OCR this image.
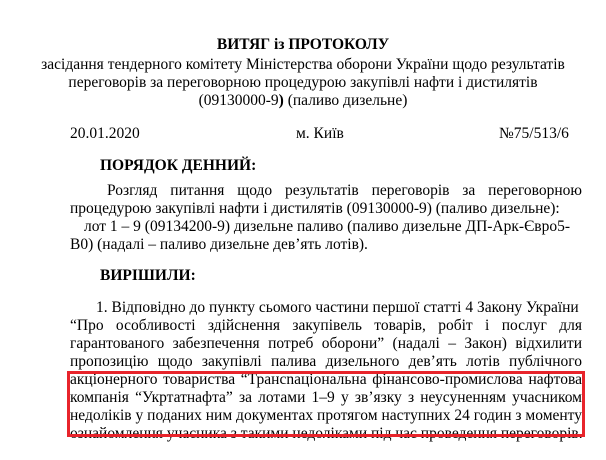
ВИТЯГ із ПРОТОКОЛУ
засідання тендерного комітету Міністерства оборони України щодо результатів
переговорів за переговорною процедурою закупівлі нафти і дистилятів
(09130000-9) (паливо дизельне)
20.01.2020	м. Київ	№75/513/6
ПОРЯДОК ДЕННИЙ:
Розгляд питання щодо результатів переговорів за переговорною
процедурою закупівлі нафти і дистилятів (09130000-9) (паливо дизельне):
лот 1 – 9 (09134200-9) дизельне паливо (паливо дизельне ДП-Арк-Євро5-
В0) (надалі – паливо дизельне дев’ять лотів).
ВИРІШИЛИ:
1. Відповідно до пункту сьомого частини першої статті 4 Закону України
“Про особливості здійснення закупівель товарів, робіт і послуг для
гарантованого забезпечення потреб оборони” (надалі – Закон) відхилити
пропозицію щодо закупівлі палива дизельного дев’ять лотів публічного
акціонерного товариства “Трансnаціональна фінансово-промислова нафтова
компанія “Укртатнафта” за лотами 1–9 у зв’язку з неусуненням учасником
недоліків у поданих ним документах протягом наступних 24 годин з моменту
ознайомлення учасника з такими недоліками під час проведення переговорів.
